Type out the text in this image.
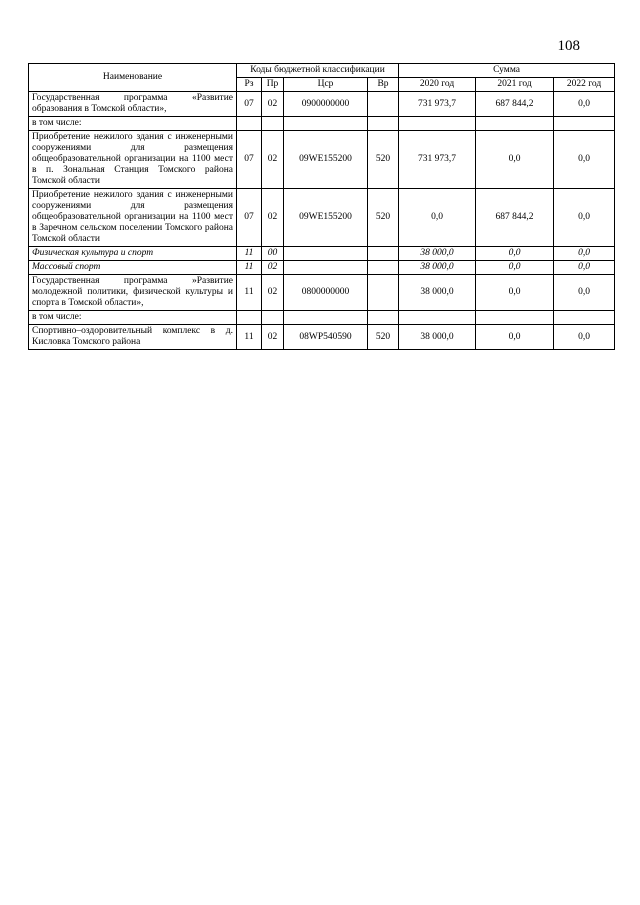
108
Наименование	Коды бюджетной классификации				Сумма		
	Рз	Пр	Цср	Вр	2020 год	2021 год	2022 год
Государственная программа «Развитие образования в Томской области»,	07	02	0900000000		731 973,7	687 844,2	0,0
в том числе:							
Приобретение нежилого здания с инженерными сооружениями для размещения общеобразовательной организации на 1100 мест в п. Зональная Станция Томского района Томской области	07	02	09WE155200	520	731 973,7	0,0	0,0
Приобретение нежилого здания с инженерными сооружениями для размещения общеобразовательной организации на 1100 мест в Заречном сельском поселении Томского района Томской области	07	02	09WE155200	520	0,0	687 844,2	0,0
Физическая культура и спорт	11	00			38 000,0	0,0	0,0
Массовый спорт	11	02			38 000,0	0,0	0,0
Государственная программа »Развитие молодежной политики, физической культуры и спорта в Томской области»,	11	02	0800000000		38 000,0	0,0	0,0
в том числе:							
Спортивно–оздоровительный комплекс в д. Кисловка Томского района	11	02	08WP540590	520	38 000,0	0,0	0,0
